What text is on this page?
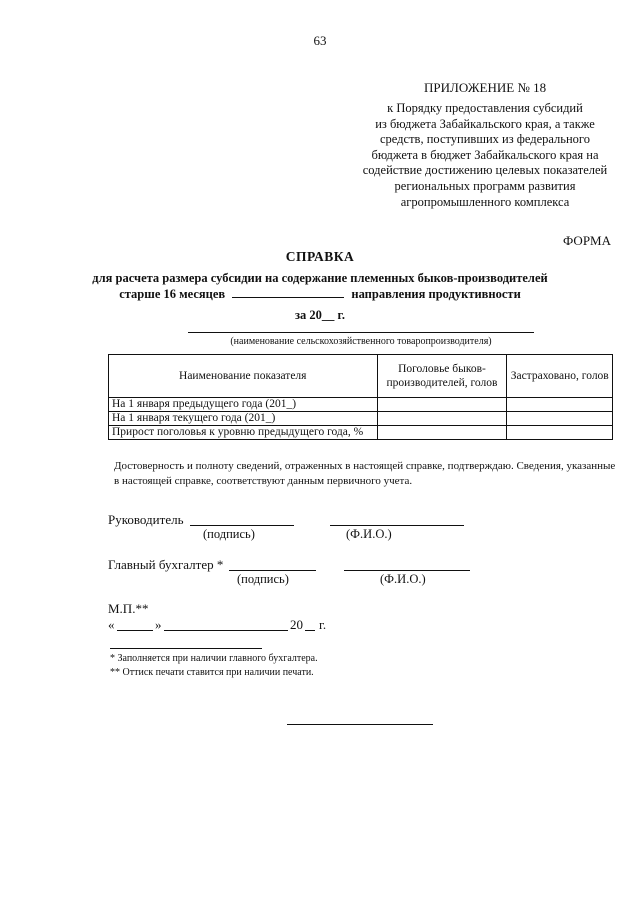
63
ПРИЛОЖЕНИЕ № 18
к Порядку предоставления субсидий
из бюджета Забайкальского края, а также
средств, поступивших из федерального
бюджета в бюджет Забайкальского края на
содействие достижению целевых показателей
региональных программ развития
агропромышленного комплекса
ФОРМА
СПРАВКА
для расчета размера субсидии на содержание племенных быков-производителей
старше 16 месяцев	направления продуктивности
за 20__ г.
(наименование сельскохозяйственного товаропроизводителя)
Наименование показателя	Поголовье быков-производителей, голов	Застраховано, голов
На 1 января предыдущего года (201_)		
На 1 января текущего года (201_)		
Прирост поголовья к уровню предыдущего года, %		
Достоверность и полноту сведений, отраженных в настоящей справке, подтверждаю. Сведения, указанные в настоящей справке, соответствуют данным первичного учета.
Руководитель
(подпись)	(Ф.И.О.)
Главный бухгалтер *
(подпись)	(Ф.И.О.)
М.П.**
«	»	20 г.
* Заполняется при наличии главного бухгалтера.
** Оттиск печати ставится при наличии печати.
